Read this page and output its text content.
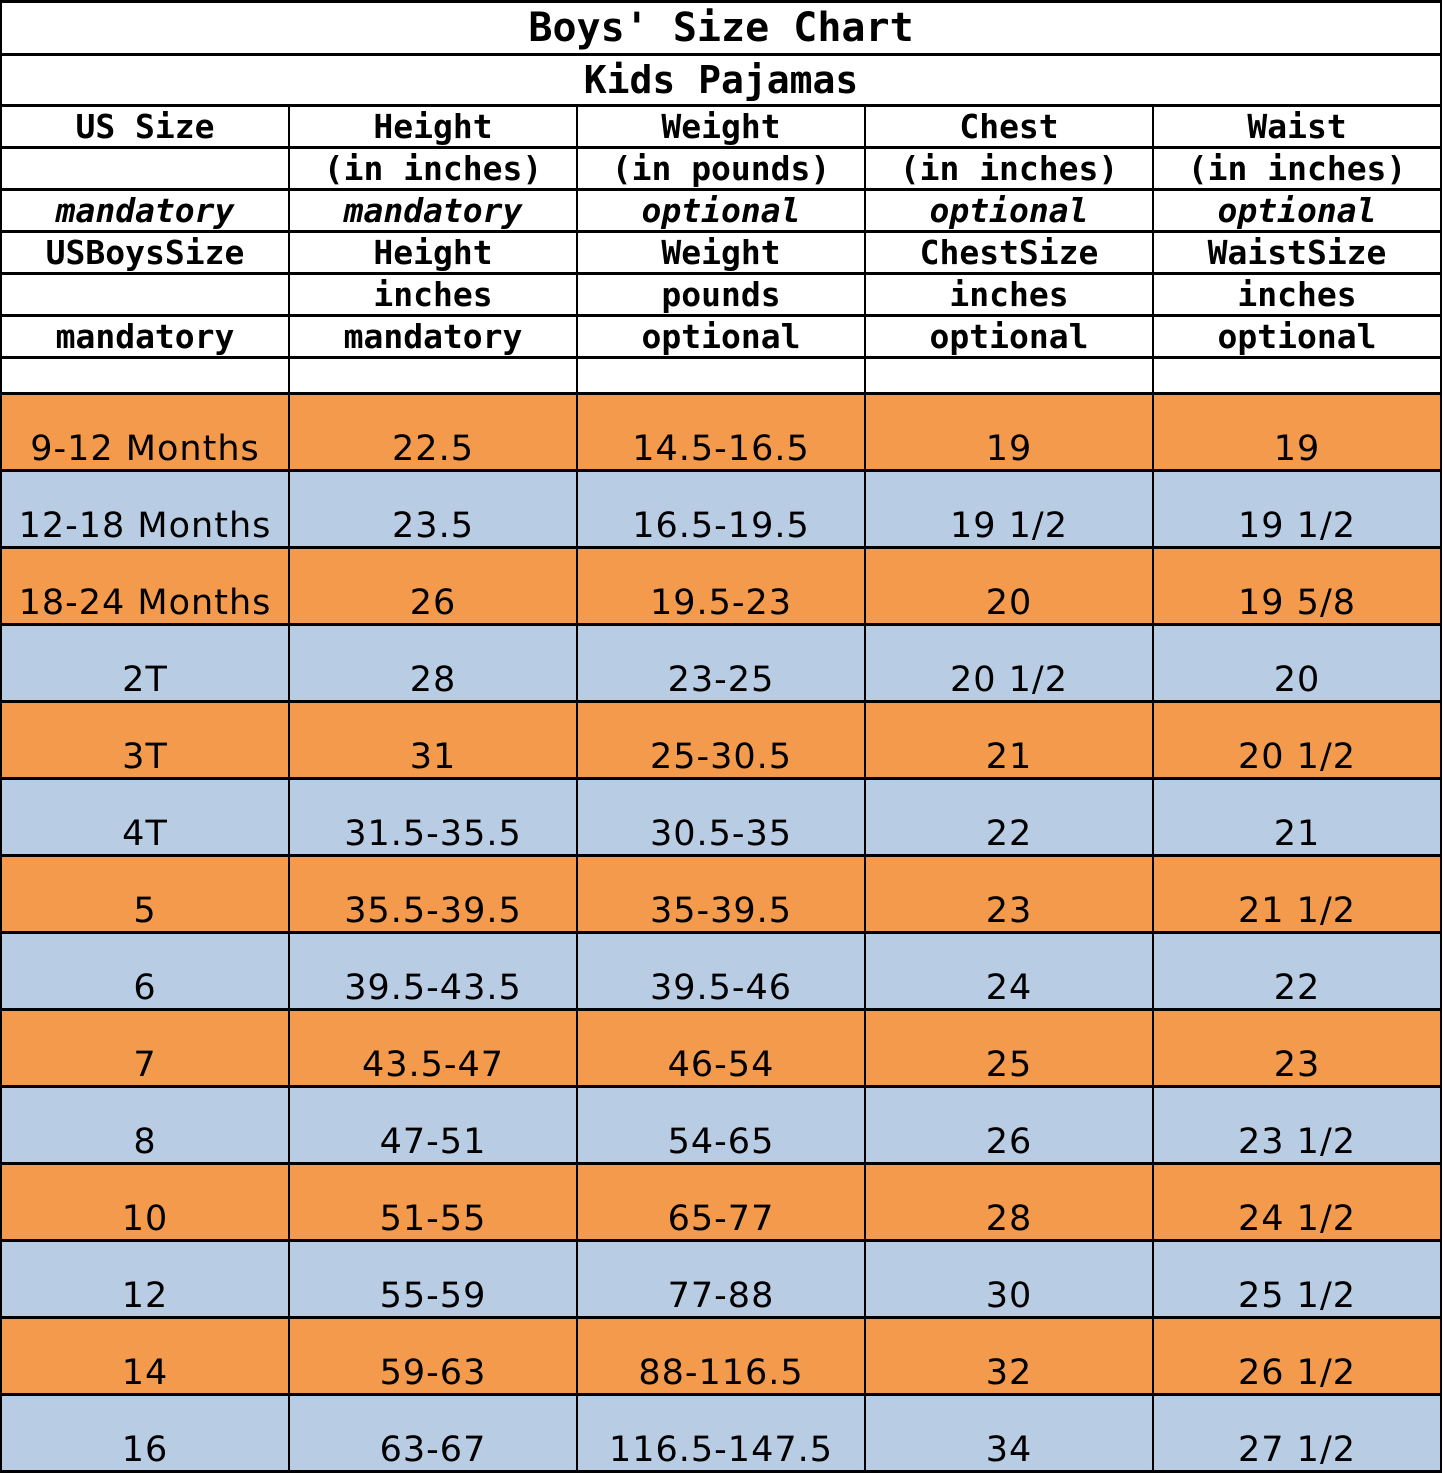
Boys' Size Chart				
Kids Pajamas				
US Size	Height	Weight	Chest	Waist
	(in inches)	(in pounds)	(in inches)	(in inches)
mandatory	mandatory	optional	optional	optional
USBoysSize	Height	Weight	ChestSize	WaistSize
	inches	pounds	inches	inches
mandatory	mandatory	optional	optional	optional

9-12 Months	22.5	14.5-16.5	19	19
12-18 Months	23.5	16.5-19.5	19 1/2	19 1/2
18-24 Months	26	19.5-23	20	19 5/8
2T	28	23-25	20 1/2	20
3T	31	25-30.5	21	20 1/2
4T	31.5-35.5	30.5-35	22	21
5	35.5-39.5	35-39.5	23	21 1/2
6	39.5-43.5	39.5-46	24	22
7	43.5-47	46-54	25	23
8	47-51	54-65	26	23 1/2
10	51-55	65-77	28	24 1/2
12	55-59	77-88	30	25 1/2
14	59-63	88-116.5	32	26 1/2
16	63-67	116.5-147.5	34	27 1/2
